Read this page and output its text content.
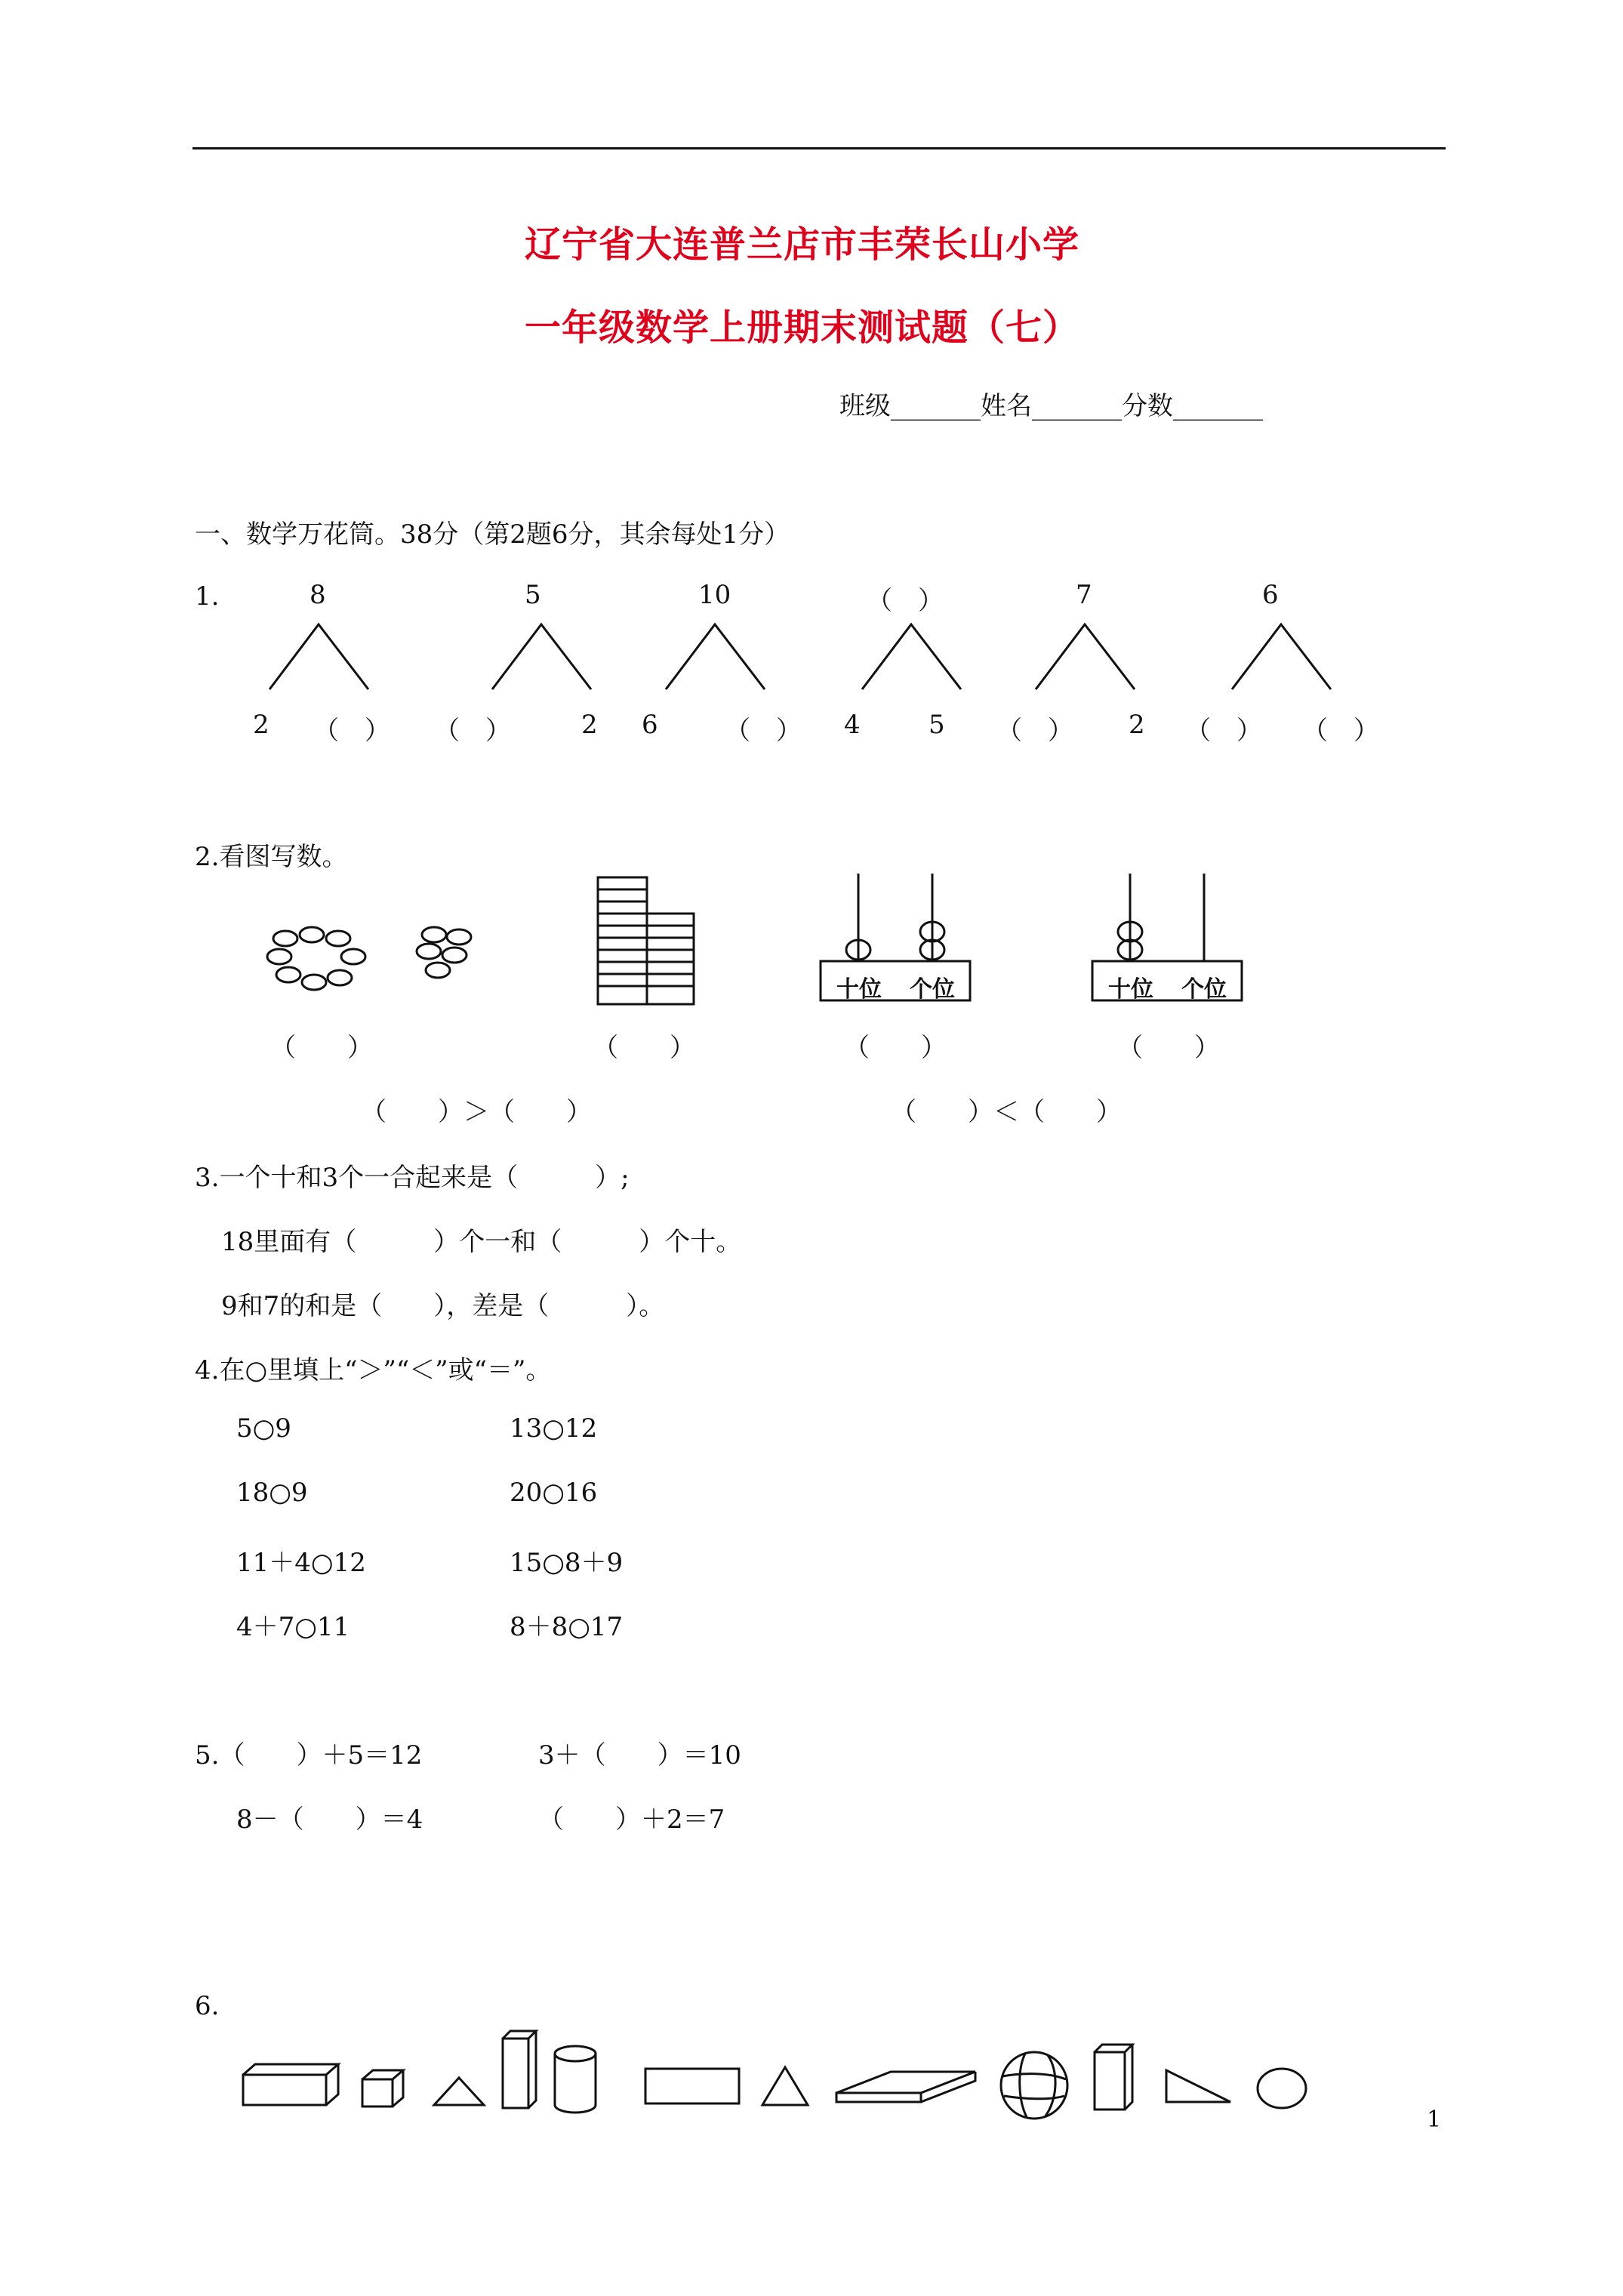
辽宁省大连普兰店市丰荣长山小学
一年级数学上册期末测试题（七）
班级_______姓名_______分数_______
一、数学万花筒。38分（第2题6分，其余每处1分）
1.	8
2 （　）
5
（　）	2
10
6	（　）
（　）
4	5
7
（　） 2
6
（　） （　）
2.看图写数。
十位 个位	十位 个位
（　　）	（　　）	（　　）	（　　）
（　　）＞（　　）	（　　）＜（　　）
3.一个十和3个一合起来是（　　　）;
18里面有（　　　）个一和（　　　）个十。
9和7的和是（　　），差是（　　　）。
4.在○里填上“＞”“＜”或“＝”。
5○9	13○12
18○9	20○16
11＋4○12	15○8＋9
4＋7○11	8＋8○17
5.（　　）＋5＝12	3＋（　　）＝10
8－（　　）＝4	（　　）＋2＝7
6.
1
